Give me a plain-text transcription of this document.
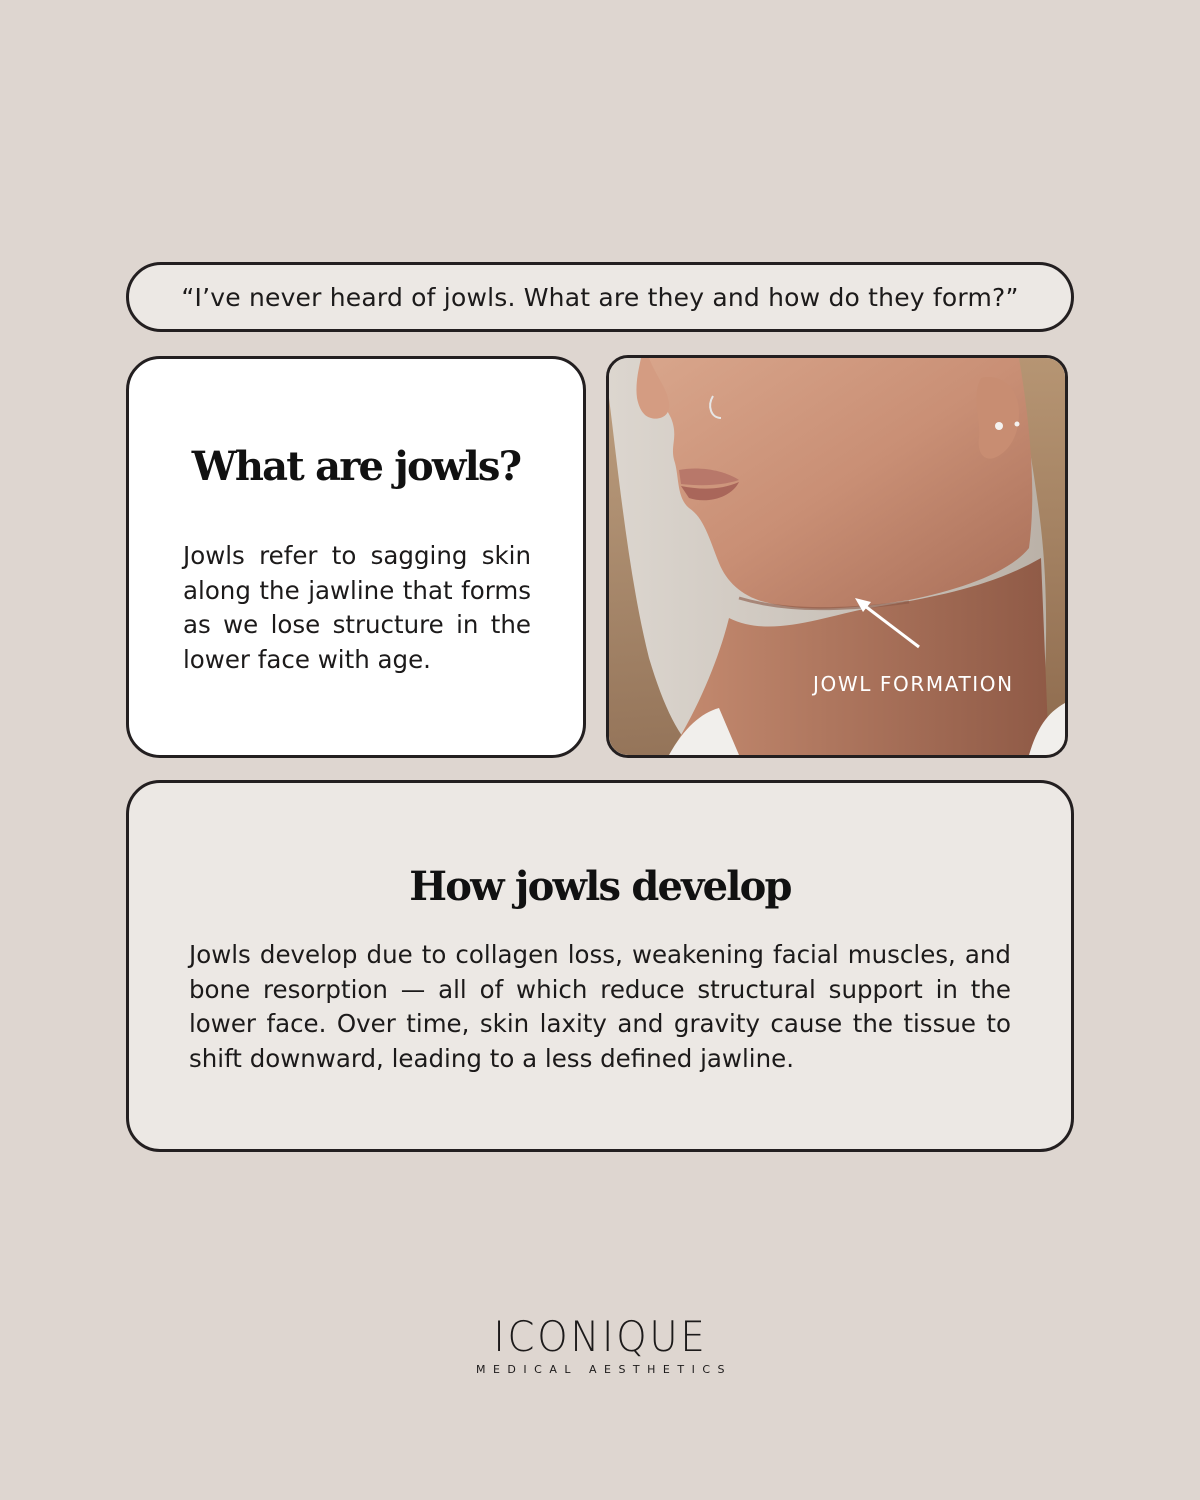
“I’ve never heard of jowls. What are they and how do they form?”
What are jowls?

Jowls refer to sagging skin along the jawline that forms as we lose structure in the lower face with age.

JOWL FORMATION
How jowls develop

Jowls develop due to collagen loss, weakening facial muscles, and bone resorption — all of which reduce structural support in the lower face. Over time, skin laxity and gravity cause the tissue to shift downward, leading to a less defined jawline.

ICONIQUE
MEDICAL AESTHETICS
